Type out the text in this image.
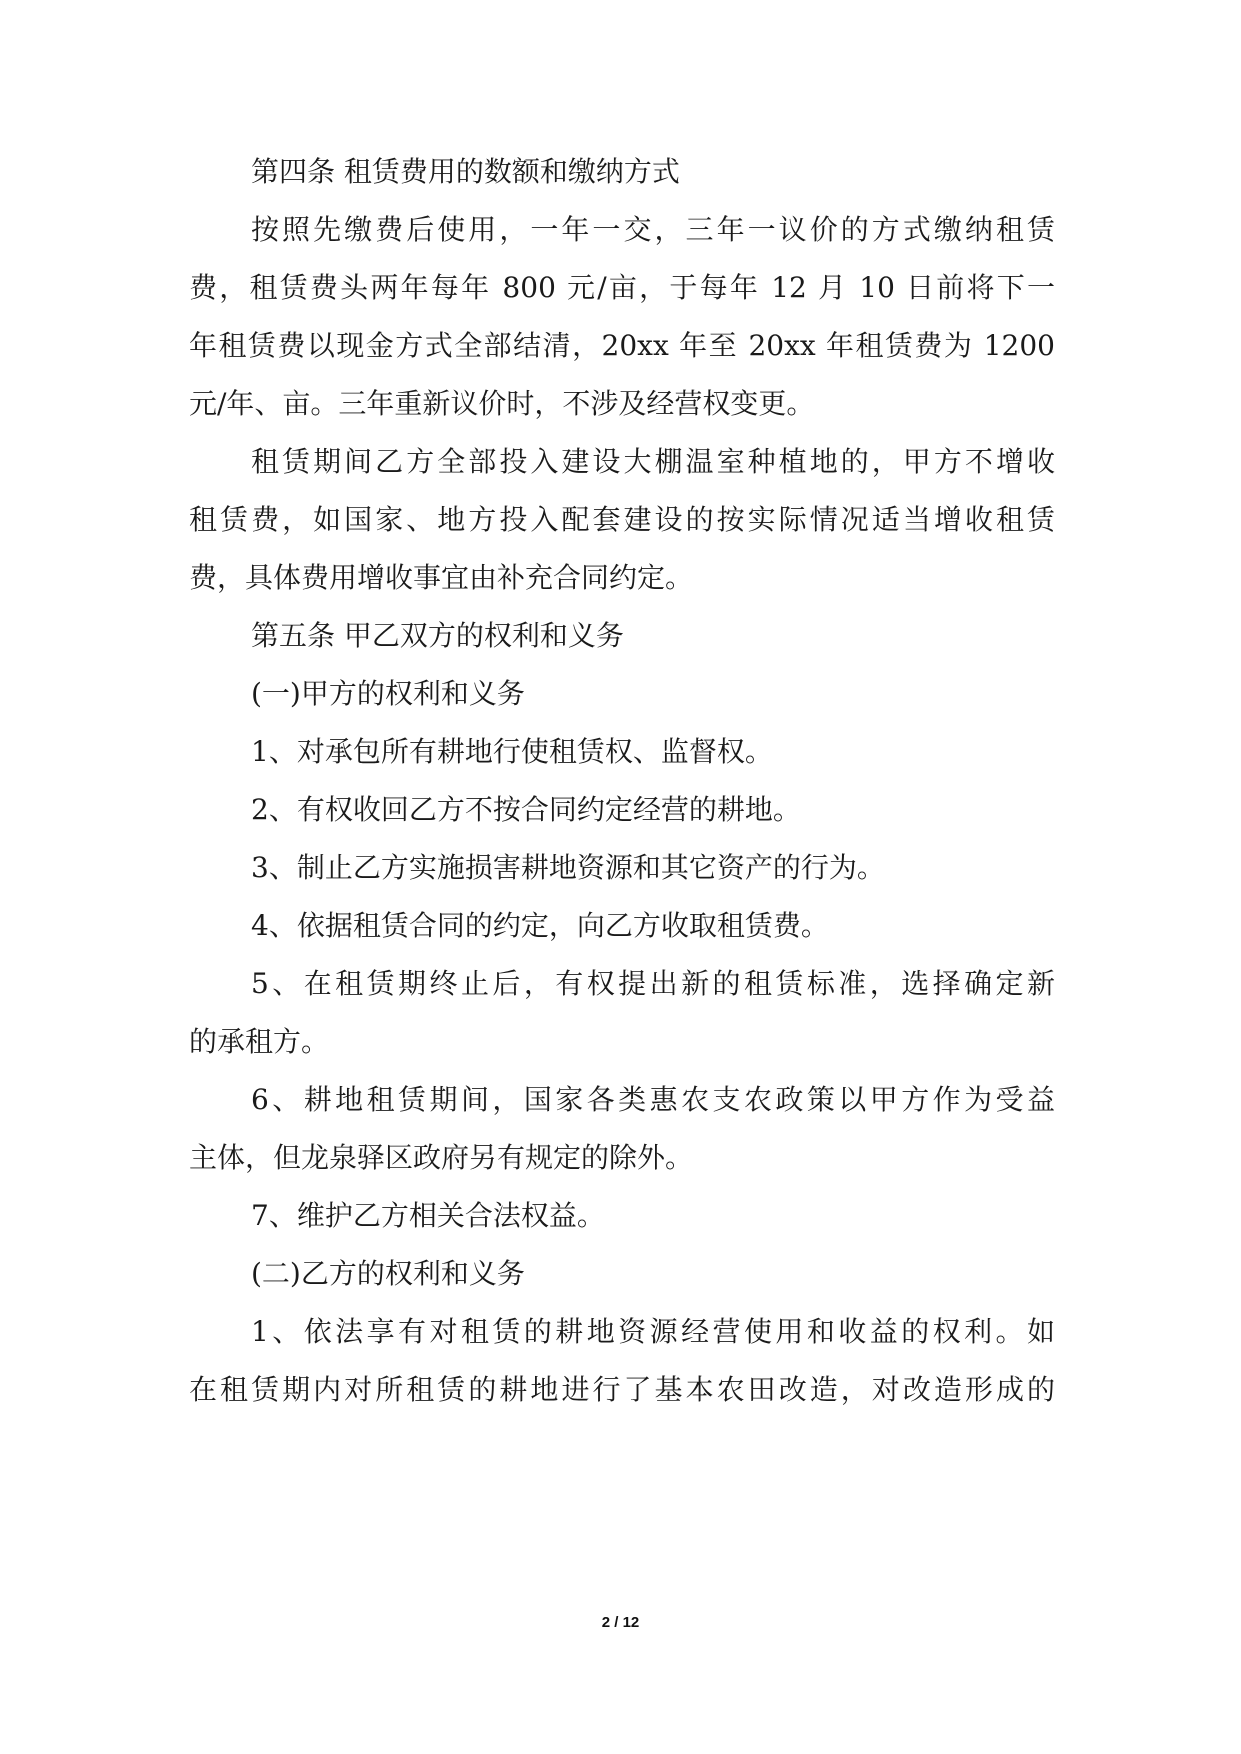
第四条 租赁费用的数额和缴纳方式
按照先缴费后使用，一年一交，三年一议价的方式缴纳租赁
费，租赁费头两年每年 800 元/亩，于每年 12 月 10 日前将下一
年租赁费以现金方式全部结清，20xx 年至 20xx 年租赁费为 1200
元/年、亩。三年重新议价时，不涉及经营权变更。
租赁期间乙方全部投入建设大棚温室种植地的，甲方不增收
租赁费，如国家、地方投入配套建设的按实际情况适当增收租赁
费，具体费用增收事宜由补充合同约定。
第五条 甲乙双方的权利和义务
(一)甲方的权利和义务
1、对承包所有耕地行使租赁权、监督权。
2、有权收回乙方不按合同约定经营的耕地。
3、制止乙方实施损害耕地资源和其它资产的行为。
4、依据租赁合同的约定，向乙方收取租赁费。
5、在租赁期终止后，有权提出新的租赁标准，选择确定新
的承租方。
6、耕地租赁期间，国家各类惠农支农政策以甲方作为受益
主体，但龙泉驿区政府另有规定的除外。
7、维护乙方相关合法权益。
(二)乙方的权利和义务
1、依法享有对租赁的耕地资源经营使用和收益的权利。如
在租赁期内对所租赁的耕地进行了基本农田改造，对改造形成的
2 / 12
